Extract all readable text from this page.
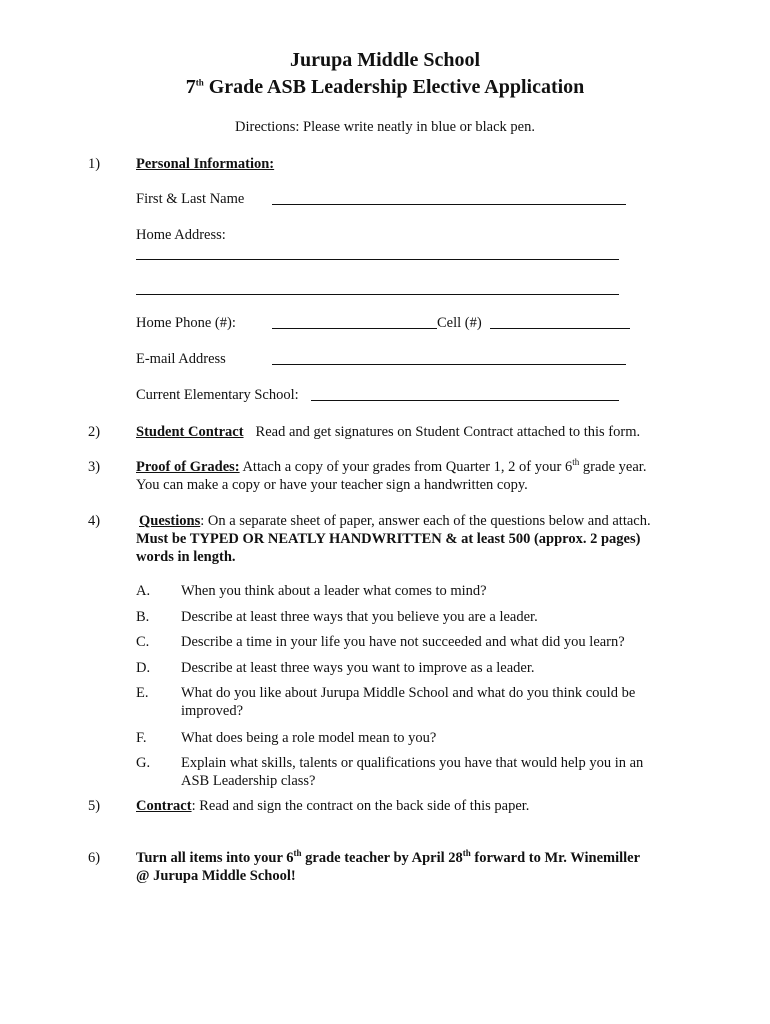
Jurupa Middle School
7th Grade ASB Leadership Elective Application
Directions: Please write neatly in blue or black pen.
1) Personal Information:
First & Last Name
Home Address:
Home Phone (#):	Cell (#)
E-mail Address
Current Elementary School:
2) Student Contract Read and get signatures on Student Contract attached to this form.
3) Proof of Grades: Attach a copy of your grades from Quarter 1, 2 of your 6th grade year.
You can make a copy or have your teacher sign a handwritten copy.
4)	Questions: On a separate sheet of paper, answer each of the questions below and attach.
Must be TYPED OR NEATLY HANDWRITTEN & at least 500 (approx. 2 pages)
words in length.
A. When you think about a leader what comes to mind?
B. Describe at least three ways that you believe you are a leader.
C. Describe a time in your life you have not succeeded and what did you learn?
D. Describe at least three ways you want to improve as a leader.
E. What do you like about Jurupa Middle School and what do you think could be
improved?
F. What does being a role model mean to you?
G. Explain what skills, talents or qualifications you have that would help you in an
ASB Leadership class?
5) Contract: Read and sign the contract on the back side of this paper.
6) Turn all items into your 6th grade teacher by April 28th forward to Mr. Winemiller
@ Jurupa Middle School!
